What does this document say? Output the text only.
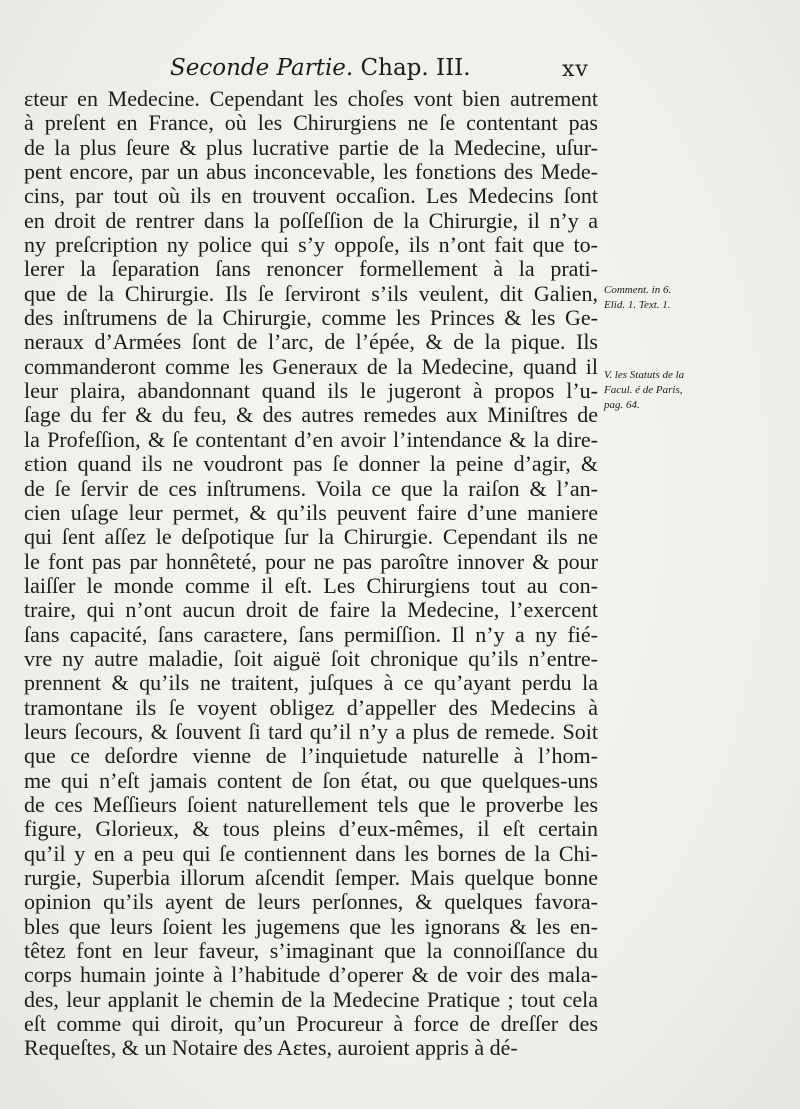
Seconde Partie. Chap. III.	xv
ɛteur en Medecine. Cependant les choſes vont bien autrement
à preſent en France, où les Chirurgiens ne ſe contentant pas
de la plus ſeure & plus lucrative partie de la Medecine, uſur-
pent encore, par un abus inconcevable, les fonɛtions des Mede-
cins, par tout où ils en trouvent occaſion. Les Medecins ſont
en droit de rentrer dans la poſſeſſion de la Chirurgie, il n’y a
ny preſcription ny police qui s’y oppoſe, ils n’ont fait que to-
lerer la ſeparation ſans renoncer formellement à la prati-
que de la Chirurgie. Ils ſe ſerviront s’ils veulent, dit Galien,
des inſtrumens de la Chirurgie, comme les Princes & les Ge-
neraux d’Armées ſont de l’arc, de l’épée, & de la pique. Ils
commanderont comme les Generaux de la Medecine, quand il
leur plaira, abandonnant quand ils le jugeront à propos l’u-
ſage du fer & du feu, & des autres remedes aux Miniſtres de
la Profeſſion, & ſe contentant d’en avoir l’intendance & la dire-
ɛtion quand ils ne voudront pas ſe donner la peine d’agir, &
de ſe ſervir de ces inſtrumens. Voila ce que la raiſon & l’an-
cien uſage leur permet, & qu’ils peuvent faire d’une maniere
qui ſent aſſez le deſpotique ſur la Chirurgie. Cependant ils ne
le font pas par honnêteté, pour ne pas paroître innover & pour
laiſſer le monde comme il eſt. Les Chirurgiens tout au con-
traire, qui n’ont aucun droit de faire la Medecine, l’exercent
ſans capacité, ſans caraɛtere, ſans permiſſion. Il n’y a ny fié-
vre ny autre maladie, ſoit aiguë ſoit chronique qu’ils n’entre-
prennent & qu’ils ne traitent, juſques à ce qu’ayant perdu la
tramontane ils ſe voyent obligez d’appeller des Medecins à
leurs ſecours, & ſouvent ſi tard qu’il n’y a plus de remede. Soit
que ce deſordre vienne de l’inquietude naturelle à l’hom-
me qui n’eſt jamais content de ſon état, ou que quelques-uns
de ces Meſſieurs ſoient naturellement tels que le proverbe les
figure, Glorieux, & tous pleins d’eux-mêmes, il eſt certain
qu’il y en a peu qui ſe contiennent dans les bornes de la Chi-
rurgie, Superbia illorum aſcendit ſemper. Mais quelque bonne
opinion qu’ils ayent de leurs perſonnes, & quelques favora-
bles que leurs ſoient les jugemens que les ignorans & les en-
têtez font en leur faveur, s’imaginant que la connoiſſance du
corps humain jointe à l’habitude d’operer & de voir des mala-
des, leur applanit le chemin de la Medecine Pratique ; tout cela
eſt comme qui diroit, qu’un Procureur à force de dreſſer des
Requeſtes, & un Notaire des Aɛtes, auroient appris à dé-
Comment. in 6.
Elid. 1. Text. 1.
V. les Statuts de la
Facul. é de Paris,
pag. 64.
